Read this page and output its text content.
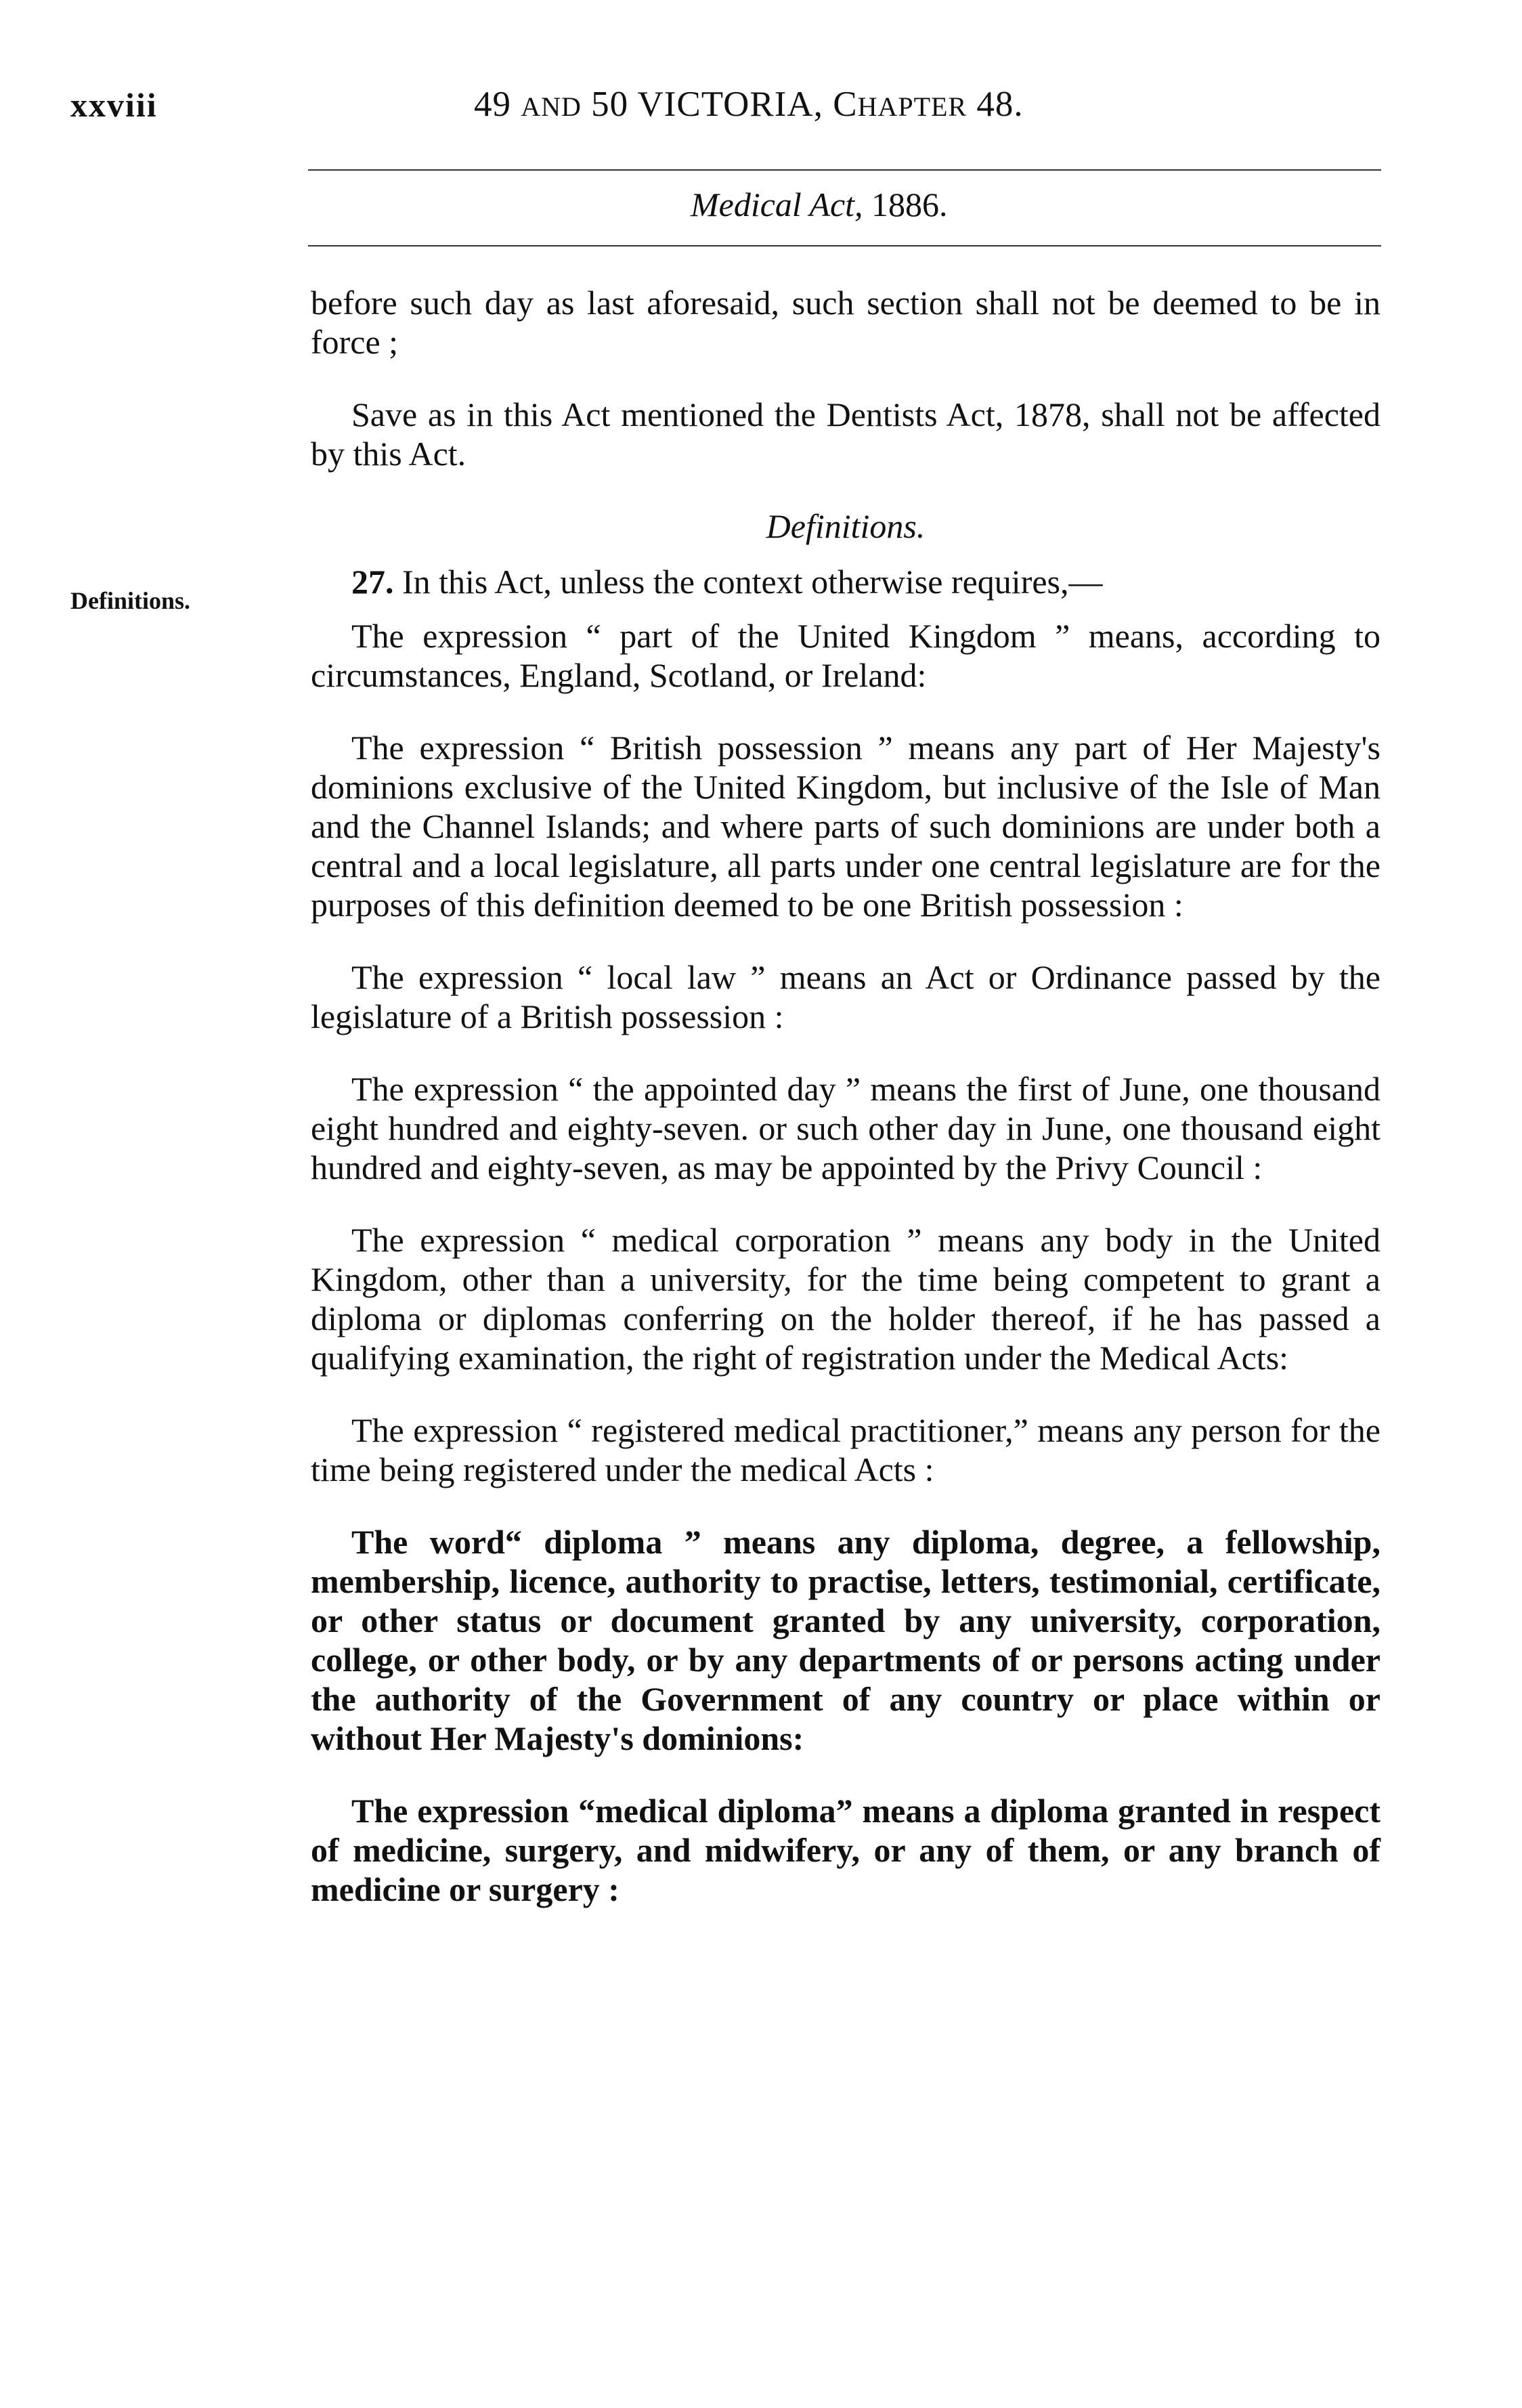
xxviii	49 AND 50 VICTORIA, CHAPTER 48.
Medical Act, 1886.
Definitions.

before such day as last aforesaid, such section shall not be deemed to be in force ;

Save as in this Act mentioned the Dentists Act, 1878, shall not be affected by this Act.

Definitions.

27. In this Act, unless the context otherwise requires,—

The expression “ part of the United Kingdom ” means, according to circumstances, England, Scotland, or Ireland:

The expression “ British possession ” means any part of Her Majesty's dominions exclusive of the United Kingdom, but inclusive of the Isle of Man and the Channel Islands; and where parts of such dominions are under both a central and a local legislature, all parts under one central legislature are for the purposes of this definition deemed to be one British possession :

The expression “ local law ” means an Act or Ordinance passed by the legislature of a British possession :

The expression “ the appointed day ” means the first of June, one thousand eight hundred and eighty-seven. or such other day in June, one thousand eight hundred and eighty-seven, as may be appointed by the Privy Council :

The expression “ medical corporation ” means any body in the United Kingdom, other than a university, for the time being competent to grant a diploma or diplomas conferring on the holder thereof, if he has passed a qualifying examination, the right of registration under the Medical Acts:

The expression “ registered medical practitioner,” means any person for the time being registered under the medical Acts :

The word“ diploma ” means any diploma, degree, a fellowship, membership, licence, authority to practise, letters, testimonial, certificate, or other status or document granted by any university, corporation, college, or other body, or by any departments of or persons acting under the authority of the Government of any country or place within or without Her Majesty's dominions:

The expression “medical diploma” means a diploma granted in respect of medicine, surgery, and midwifery, or any of them, or any branch of medicine or surgery :
